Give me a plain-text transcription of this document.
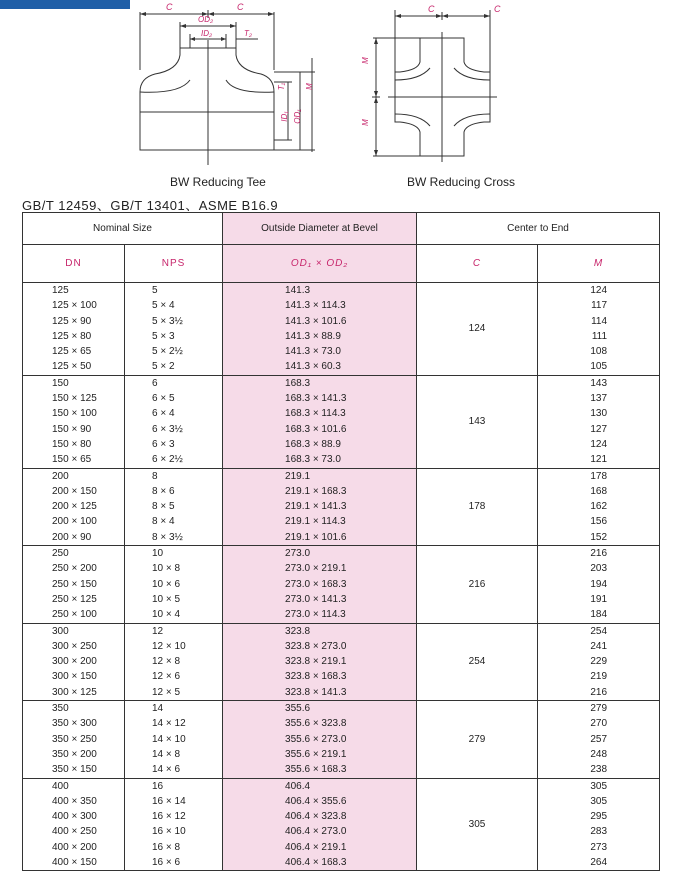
C	C
OD₂
ID₂	T₂
T₁
ID₁ OD₁
M
C	C
M
M
BW Reducing Tee	BW Reducing Cross
GB/T 12459、GB/T 13401、ASME B16.9
Nominal Size		Outside Diameter at Bevel	Center to End	
DN	NPS	OD₁ × OD₂	C	M
125	5	141.3	124	124
125 × 100	5 × 4	141.3 × 114.3		117
125 × 90	5 × 3½	141.3 × 101.6		114
125 × 80	5 × 3	141.3 × 88.9		111
125 × 65	5 × 2½	141.3 × 73.0		108
125 × 50	5 × 2	141.3 × 60.3		105
150	6	168.3	143	143
150 × 125	6 × 5	168.3 × 141.3		137
150 × 100	6 × 4	168.3 × 114.3		130
150 × 90	6 × 3½	168.3 × 101.6		127
150 × 80	6 × 3	168.3 × 88.9		124
150 × 65	6 × 2½	168.3 × 73.0		121
200	8	219.1	178	178
200 × 150	8 × 6	219.1 × 168.3		168
200 × 125	8 × 5	219.1 × 141.3		162
200 × 100	8 × 4	219.1 × 114.3		156
200 × 90	8 × 3½	219.1 × 101.6		152
250	10	273.0	216	216
250 × 200	10 × 8	273.0 × 219.1		203
250 × 150	10 × 6	273.0 × 168.3		194
250 × 125	10 × 5	273.0 × 141.3		191
250 × 100	10 × 4	273.0 × 114.3		184
300	12	323.8	254	254
300 × 250	12 × 10	323.8 × 273.0		241
300 × 200	12 × 8	323.8 × 219.1		229
300 × 150	12 × 6	323.8 × 168.3		219
300 × 125	12 × 5	323.8 × 141.3		216
350	14	355.6	279	279
350 × 300	14 × 12	355.6 × 323.8		270
350 × 250	14 × 10	355.6 × 273.0		257
350 × 200	14 × 8	355.6 × 219.1		248
350 × 150	14 × 6	355.6 × 168.3		238
400	16	406.4	305	305
400 × 350	16 × 14	406.4 × 355.6		305
400 × 300	16 × 12	406.4 × 323.8		295
400 × 250	16 × 10	406.4 × 273.0		283
400 × 200	16 × 8	406.4 × 219.1		273
400 × 150	16 × 6	406.4 × 168.3		264
